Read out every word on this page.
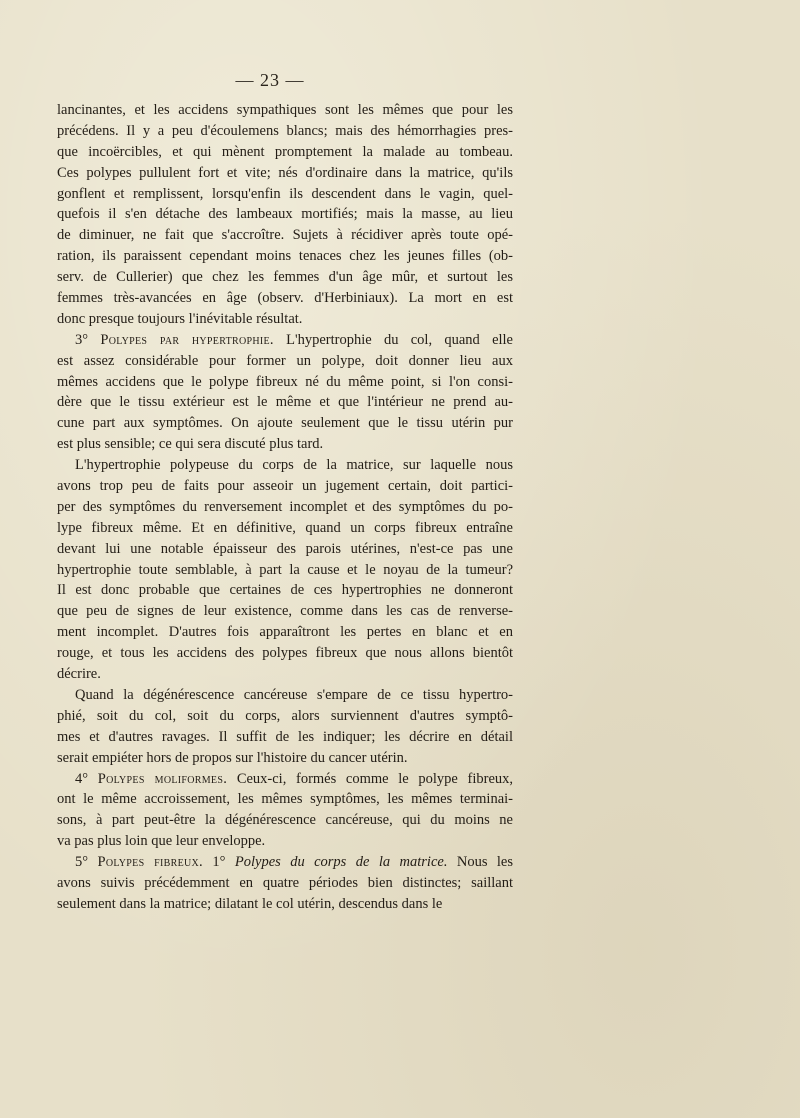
— 23 —
lancinantes, et les accidens sympathiques sont les mêmes que pour les
précédens. Il y a peu d'écoulemens blancs; mais des hémorrhagies pres-
que incoërcibles, et qui mènent promptement la malade au tombeau.
Ces polypes pullulent fort et vite; nés d'ordinaire dans la matrice, qu'ils
gonflent et remplissent, lorsqu'enfin ils descendent dans le vagin, quel-
quefois il s'en détache des lambeaux mortifiés; mais la masse, au lieu
de diminuer, ne fait que s'accroître. Sujets à récidiver après toute opé-
ration, ils paraissent cependant moins tenaces chez les jeunes filles (ob-
serv. de Cullerier) que chez les femmes d'un âge mûr, et surtout les
femmes très-avancées en âge (observ. d'Herbiniaux). La mort en est
donc presque toujours l'inévitable résultat.
3° Polypes par hypertrophie. L'hypertrophie du col, quand elle
est assez considérable pour former un polype, doit donner lieu aux
mêmes accidens que le polype fibreux né du même point, si l'on consi-
dère que le tissu extérieur est le même et que l'intérieur ne prend au-
cune part aux symptômes. On ajoute seulement que le tissu utérin pur
est plus sensible; ce qui sera discuté plus tard.
L'hypertrophie polypeuse du corps de la matrice, sur laquelle nous
avons trop peu de faits pour asseoir un jugement certain, doit partici-
per des symptômes du renversement incomplet et des symptômes du po-
lype fibreux même. Et en définitive, quand un corps fibreux entraîne
devant lui une notable épaisseur des parois utérines, n'est-ce pas une
hypertrophie toute semblable, à part la cause et le noyau de la tumeur?
Il est donc probable que certaines de ces hypertrophies ne donneront
que peu de signes de leur existence, comme dans les cas de renverse-
ment incomplet. D'autres fois apparaîtront les pertes en blanc et en
rouge, et tous les accidens des polypes fibreux que nous allons bientôt
décrire.
Quand la dégénérescence cancéreuse s'empare de ce tissu hypertro-
phié, soit du col, soit du corps, alors surviennent d'autres symptô-
mes et d'autres ravages. Il suffit de les indiquer; les décrire en détail
serait empiéter hors de propos sur l'histoire du cancer utérin.
4° Polypes moliformes. Ceux-ci, formés comme le polype fibreux,
ont le même accroissement, les mêmes symptômes, les mêmes terminai-
sons, à part peut-être la dégénérescence cancéreuse, qui du moins ne
va pas plus loin que leur enveloppe.
5° Polypes fibreux. 1° Polypes du corps de la matrice. Nous les
avons suivis précédemment en quatre périodes bien distinctes; saillant
seulement dans la matrice; dilatant le col utérin, descendus dans le
